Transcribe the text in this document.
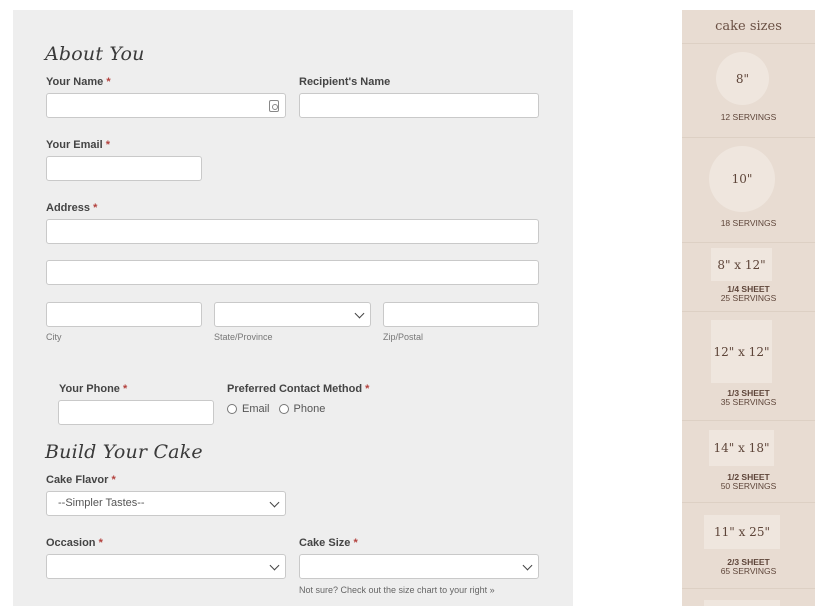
About You
Your Name *	Recipient's Name
Your Email *
Address *
City	State/Province	Zip/Postal
Your Phone *	Preferred Contact Method *
Email Phone
Build Your Cake
Cake Flavor *
--Simpler Tastes--
Occasion *	Cake Size *
Not sure? Check out the size chart to your right »
cake sizes
8"
12 SERVINGS
10"
18 SERVINGS
8" x 12"
1/4 SHEET
25 SERVINGS
12" x 12"
1/3 SHEET
35 SERVINGS
14" x 18"
1/2 SHEET
50 SERVINGS
11" x 25"
2/3 SHEET
65 SERVINGS
